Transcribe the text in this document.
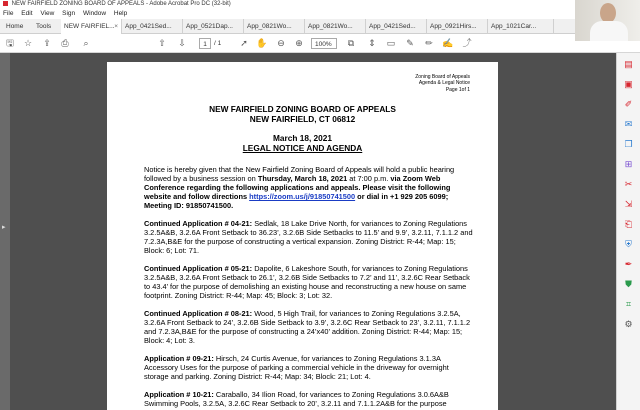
NEW FAIRFIELD ZONING BOARD OF APPEALS - Adobe Acrobat Pro DC (32-bit)
File Edit View Sign Window Help
Home Tools	NEW FAIRFIEL... ×	App_0421Sed...	App_0521Dap...	App_0821Wo...	App_0821Wo...	App_0421Sed...	App_0921Hirs...	App_1021Car...
🖫 ☆ ⇪ ⎙	⌕	⇧ ⇩	1	/ 1 ➚ ✋ ⊖ ⊕	100%	⧉	⇕ ▭ ✎ ✏ ✍ ⤴
▸
Zoning Board of Appeals
Agenda & Legal Notice
Page 1of 1
NEW FAIRFIELD ZONING BOARD OF APPEALS
NEW FAIRFIELD, CT 06812
March 18, 2021
LEGAL NOTICE AND AGENDA

Notice is hereby given that the New Fairfield Zoning Board of Appeals will hold a public hearing followed by a business session on Thursday, March 18, 2021 at 7:00 p.m. via Zoom Web Conference regarding the following applications and appeals. Please visit the following website and follow directions https://zoom.us/j/91850741500 or dial in +1 929 205 6099; Meeting ID: 91850741500.

Continued Application # 04-21: Sedlak, 18 Lake Drive North, for variances to Zoning Regulations 3.2.5A&B, 3.2.6A Front Setback to 36.23’, 3.2.6B Side Setbacks to 11.5’ and 9.9’, 3.2.11, 7.1.1.2 and 7.2.3A,B&E for the purpose of constructing a vertical expansion. Zoning District: R-44; Map: 15; Block: 6; Lot: 71.

Continued Application # 05-21: Dapolite, 6 Lakeshore South, for variances to Zoning Regulations 3.2.5A&B, 3.2.6A Front Setback to 26.1’, 3.2.6B Side Setbacks to 7.2’ and 11’, 3.2.6C Rear Setback to 43.4’ for the purpose of demolishing an existing house and reconstructing a new house on same footprint. Zoning District: R-44; Map: 45; Block: 3; Lot: 32.

Continued Application # 08-21: Wood, 5 High Trail, for variances to Zoning Regulations 3.2.5A, 3.2.6A Front Setback to 24’, 3.2.6B Side Setback to 3.9’, 3.2.6C Rear Setback to 23’, 3.2.11, 7.1.1.2 and 7.2.3A,B&E for the purpose of constructing a 24’x40’ addition. Zoning District: R-44; Map: 15; Block: 4; Lot: 3.

Application # 09-21: Hirsch, 24 Curtis Avenue, for variances to Zoning Regulations 3.1.3A Accessory Uses for the purpose of parking a commercial vehicle in the driveway for overnight storage and parking. Zoning District: R-44; Map: 34; Block: 21; Lot: 4.

Application # 10-21: Caraballo, 34 Ilion Road, for variances to Zoning Regulations 3.0.6A&B Swimming Pools, 3.2.5A, 3.2.6C Rear Setback to 20’, 3.2.11 and 7.1.1.2A&B for the purpose

▤
▣
✐
✉
❐
⊞
✂
⇲
⎗
⛨
✒
⛊
⌗
⚙
